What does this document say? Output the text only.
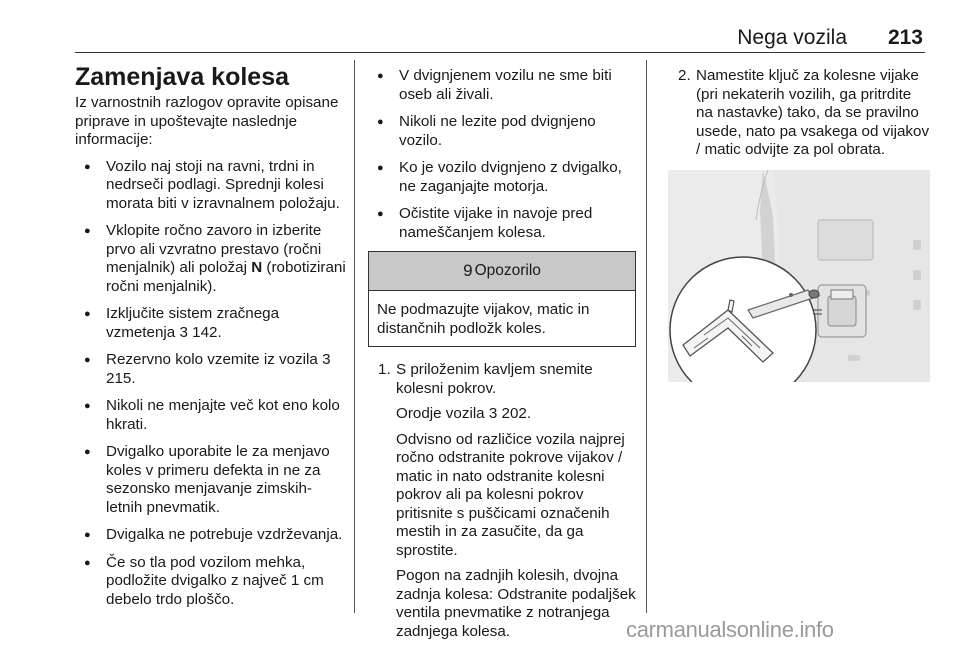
Nega vozila 213
Zamenjava kolesa

Iz varnostnih razlogov opravite opisane priprave in upoštevajte naslednje informacije:

● Vozilo naj stoji na ravni, trdni in nedrseči podlagi. Sprednji kolesi morata biti v izravnalnem položaju.
● Vklopite ročno zavoro in izberite prvo ali vzvratno prestavo (ročni menjalnik) ali položaj N (robotizirani ročni menjalnik).
● Izključite sistem zračnega vzmetenja 3 142.
● Rezervno kolo vzemite iz vozila 3 215.
● Nikoli ne menjajte več kot eno kolo hkrati.
● Dvigalko uporabite le za menjavo koles v primeru defekta in ne za sezonsko menjavanje zimskih-letnih pnevmatik.
● Dvigalka ne potrebuje vzdrževanja.
● Če so tla pod vozilom mehka, podložite dvigalko z največ 1 cm debelo trdo ploščo.
● V dvignjenem vozilu ne sme biti oseb ali živali.
● Nikoli ne lezite pod dvignjeno vozilo.
● Ko je vozilo dvignjeno z dvigalko, ne zaganjajte motorja.
● Očistite vijake in navoje pred nameščanjem kolesa.
9 Opozorilo
Ne podmazujte vijakov, matic in distančnih podložk koles.
1. S priloženim kavljem snemite kolesni pokrov.

Orodje vozila 3 202.

Odvisno od različice vozila najprej ročno odstranite pokrove vijakov / matic in nato odstranite kolesni pokrov ali pa kolesni pokrov pritisnite s puščicami označenih mestih in za zasučite, da ga sprostite.

Pogon na zadnjih kolesih, dvojna zadnja kolesa: Odstranite podaljšek ventila pnevmatike z notranjega zadnjega kolesa.

2. Namestite ključ za kolesne vijake (pri nekaterih vozilih, ga pritrdite na nastavke) tako, da se pravilno usede, nato pa vsakega od vijakov / matic odvijte za pol obrata.

carmanualsonline.info
